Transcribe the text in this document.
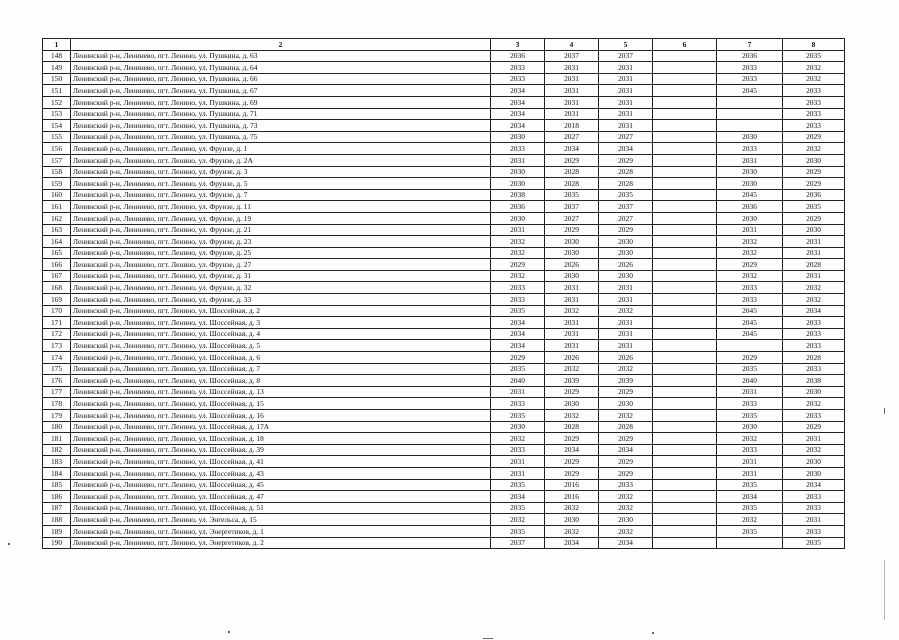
1	2	3	4	5	6	7	8
148	Ленинский р-н, Ленинево, пгт. Ленино, ул. Пушкина, д. 63	2036	2037	2037		2036	2035
149	Ленинский р-н, Ленинево, пгт. Ленино, ул. Пушкина, д. 64	2033	2031	2031		2033	2032
150	Ленинский р-н, Ленинево, пгт. Ленино, ул. Пушкина, д. 66	2033	2031	2031		2033	2032
151	Ленинский р-н, Ленинево, пгт. Ленино, ул. Пушкина, д. 67	2034	2031	2031		2045	2033
152	Ленинский р-н, Ленинево, пгт. Ленино, ул. Пушкина, д. 69	2034	2031	2031			2033
153	Ленинский р-н, Ленинево, пгт. Ленино, ул. Пушкина, д. 71	2034	2031	2031			2033
154	Ленинский р-н, Ленинево, пгт. Ленино, ул. Пушкина, д. 73	2034	2018	2031			2033
155	Ленинский р-н, Ленинево, пгт. Ленино, ул. Пушкина, д. 75	2030	2027	2027		2030	2029
156	Ленинский р-н, Ленинево, пгт. Ленино, ул. Фрунзе, д. 1	2033	2034	2034		2033	2032
157	Ленинский р-н, Ленинево, пгт. Ленино, ул. Фрунзе, д. 2А	2031	2029	2029		2031	2030
158	Ленинский р-н, Ленинево, пгт. Ленино, ул. Фрунзе, д. 3	2030	2028	2028		2030	2029
159	Ленинский р-н, Ленинево, пгт. Ленино, ул. Фрунзе, д. 5	2030	2028	2028		2030	2029
160	Ленинский р-н, Ленинево, пгт. Ленино, ул. Фрунзе, д. 7	2038	2035	2035		2045	2036
161	Ленинский р-н, Ленинево, пгт. Ленино, ул. Фрунзе, д. 11	2036	2037	2037		2036	2035
162	Ленинский р-н, Ленинево, пгт. Ленино, ул. Фрунзе, д. 19	2030	2027	2027		2030	2029
163	Ленинский р-н, Ленинево, пгт. Ленино, ул. Фрунзе, д. 21	2031	2029	2029		2031	2030
164	Ленинский р-н, Ленинево, пгт. Ленино, ул. Фрунзе, д. 23	2032	2030	2030		2032	2031
165	Ленинский р-н, Ленинево, пгт. Ленино, ул. Фрунзе, д. 25	2032	2030	2030		2032	2031
166	Ленинский р-н, Ленинево, пгт. Ленино, ул. Фрунзе, д. 27	2029	2026	2026		2029	2028
167	Ленинский р-н, Ленинево, пгт. Ленино, ул. Фрунзе, д. 31	2032	2030	2030		2032	2031
168	Ленинский р-н, Ленинево, пгт. Ленино, ул. Фрунзе, д. 32	2033	2031	2031		2033	2032
169	Ленинский р-н, Ленинево, пгт. Ленино, ул. Фрунзе, д. 33	2033	2031	2031		2033	2032
170	Ленинский р-н, Ленинево, пгт. Ленино, ул. Шоссейная, д. 2	2035	2032	2032		2045	2034
171	Ленинский р-н, Ленинево, пгт. Ленино, ул. Шоссейная, д. 3	2034	2031	2031		2045	2033
172	Ленинский р-н, Ленинево, пгт. Ленино, ул. Шоссейная, д. 4	2034	2031	2031		2045	2033
173	Ленинский р-н, Ленинево, пгт. Ленино, ул. Шоссейная, д. 5	2034	2031	2031			2033
174	Ленинский р-н, Ленинево, пгт. Ленино, ул. Шоссейная, д. 6	2029	2026	2026		2029	2028
175	Ленинский р-н, Ленинево, пгт. Ленино, ул. Шоссейная, д. 7	2035	2032	2032		2035	2033
176	Ленинский р-н, Ленинево, пгт. Ленино, ул. Шоссейная, д. 8	2040	2039	2039		2040	2038
177	Ленинский р-н, Ленинево, пгт. Ленино, ул. Шоссейная, д. 13	2031	2029	2029		2031	2030
178	Ленинский р-н, Ленинево, пгт. Ленино, ул. Шоссейная, д. 15	2033	2030	2030		2033	2032
179	Ленинский р-н, Ленинево, пгт. Ленино, ул. Шоссейная, д. 16	2035	2032	2032		2035	2033
180	Ленинский р-н, Ленинево, пгт. Ленино, ул. Шоссейная, д. 17А	2030	2028	2028		2030	2029
181	Ленинский р-н, Ленинево, пгт. Ленино, ул. Шоссейная, д. 18	2032	2029	2029		2032	2031
182	Ленинский р-н, Ленинево, пгт. Ленино, ул. Шоссейная, д. 39	2033	2034	2034		2033	2032
183	Ленинский р-н, Ленинево, пгт. Ленино, ул. Шоссейная, д. 41	2031	2029	2029		2031	2030
184	Ленинский р-н, Ленинево, пгт. Ленино, ул. Шоссейная, д. 43	2031	2029	2029		2031	2030
185	Ленинский р-н, Ленинево, пгт. Ленино, ул. Шоссейная, д. 45	2035	2016	2033		2035	2034
186	Ленинский р-н, Ленинево, пгт. Ленино, ул. Шоссейная, д. 47	2034	2016	2032		2034	2033
187	Ленинский р-н, Ленинево, пгт. Ленино, ул. Шоссейная, д. 51	2035	2032	2032		2035	2033
188	Ленинский р-н, Ленинево, пгт. Ленино, ул. Энгельса, д. 15	2032	2030	2030		2032	2031
189	Ленинский р-н, Ленинево, пгт. Ленино, ул. Энергетиков, д. 1	2035	2032	2032		2035	2033
190	Ленинский р-н, Ленинево, пгт. Ленино, ул. Энергетиков, д. 2	2037	2034	2034			2035
